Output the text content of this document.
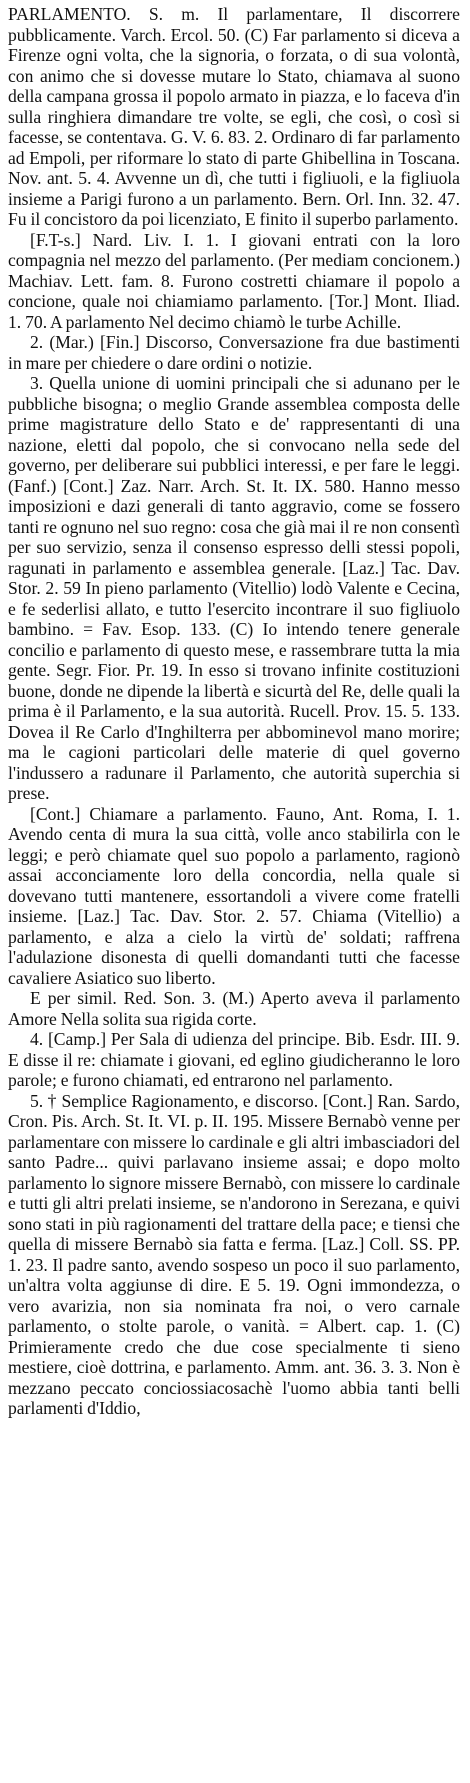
PARLAMENTO. S. m. Il parlamentare, Il discorrere pubblicamente. Varch. Ercol. 50. (C) Far parlamento si diceva a Firenze ogni volta, che la signoria, o forzata, o di sua volontà, con animo che si dovesse mutare lo Stato, chiamava al suono della campana grossa il popolo armato in piazza, e lo faceva d'in sulla ringhiera dimandare tre volte, se egli, che così, o così si facesse, se contentava. G. V. 6. 83. 2. Ordinaro di far parlamento ad Empoli, per riformare lo stato di parte Ghibellina in Toscana. Nov. ant. 5. 4. Avvenne un dì, che tutti i figliuoli, e la figliuola insieme a Parigi furono a un parlamento. Bern. Orl. Inn. 32. 47. Fu il concistoro da poi licenziato, E finito il superbo parlamento.

[F.T-s.] Nard. Liv. I. 1. I giovani entrati con la loro compagnia nel mezzo del parlamento. (Per mediam concionem.) Machiav. Lett. fam. 8. Furono costretti chiamare il popolo a concione, quale noi chiamiamo parlamento. [Tor.] Mont. Iliad. 1. 70. A parlamento Nel decimo chiamò le turbe Achille.

2. (Mar.) [Fin.] Discorso, Conversazione fra due bastimenti in mare per chiedere o dare ordini o notizie.

3. Quella unione di uomini principali che si adunano per le pubbliche bisogna; o meglio Grande assemblea composta delle prime magistrature dello Stato e de' rappresentanti di una nazione, eletti dal popolo, che si convocano nella sede del governo, per deliberare sui pubblici interessi, e per fare le leggi. (Fanf.) [Cont.] Zaz. Narr. Arch. St. It. IX. 580. Hanno messo imposizioni e dazi generali di tanto aggravio, come se fossero tanti re ognuno nel suo regno: cosa che già mai il re non consentì per suo servizio, senza il consenso espresso delli stessi popoli, ragunati in parlamento e assemblea generale. [Laz.] Tac. Dav. Stor. 2. 59 In pieno parlamento (Vitellio) lodò Valente e Cecina, e fe sederlisi allato, e tutto l'esercito incontrare il suo figliuolo bambino. = Fav. Esop. 133. (C) Io intendo tenere generale concilio e parlamento di questo mese, e rassembrare tutta la mia gente. Segr. Fior. Pr. 19. In esso si trovano infinite costituzioni buone, donde ne dipende la libertà e sicurtà del Re, delle quali la prima è il Parlamento, e la sua autorità. Rucell. Prov. 15. 5. 133. Dovea il Re Carlo d'Inghilterra per abbominevol mano morire; ma le cagioni particolari delle materie di quel governo l'indussero a radunare il Parlamento, che autorità superchia si prese.

[Cont.] Chiamare a parlamento. Fauno, Ant. Roma, I. 1. Avendo centa di mura la sua città, volle anco stabilirla con le leggi; e però chiamate quel suo popolo a parlamento, ragionò assai acconciamente loro della concordia, nella quale si dovevano tutti mantenere, essortandoli a vivere come fratelli insieme. [Laz.] Tac. Dav. Stor. 2. 57. Chiama (Vitellio) a parlamento, e alza a cielo la virtù de' soldati; raffrena l'adulazione disonesta di quelli domandanti tutti che facesse cavaliere Asiatico suo liberto.

E per simil. Red. Son. 3. (M.) Aperto aveva il parlamento Amore Nella solita sua rigida corte.

4. [Camp.] Per Sala di udienza del principe. Bib. Esdr. III. 9. E disse il re: chiamate i giovani, ed eglino giudicheranno le loro parole; e furono chiamati, ed entrarono nel parlamento.

5. † Semplice Ragionamento, e discorso. [Cont.] Ran. Sardo, Cron. Pis. Arch. St. It. VI. p. II. 195. Missere Bernabò venne per parlamentare con missere lo cardinale e gli altri imbasciadori del santo Padre... quivi parlavano insieme assai; e dopo molto parlamento lo signore missere Bernabò, con missere lo cardinale e tutti gli altri prelati insieme, se n'andorono in Serezana, e quivi sono stati in più ragionamenti del trattare della pace; e tiensi che quella di missere Bernabò sia fatta e ferma. [Laz.] Coll. SS. PP. 1. 23. Il padre santo, avendo sospeso un poco il suo parlamento, un'altra volta aggiunse di dire. E 5. 19. Ogni immondezza, o vero avarizia, non sia nominata fra noi, o vero carnale parlamento, o stolte parole, o vanità. = Albert. cap. 1. (C) Primieramente credo che due cose specialmente ti sieno mestiere, cioè dottrina, e parlamento. Amm. ant. 36. 3. 3. Non è mezzano peccato conciossiacosachè l'uomo abbia tanti belli parlamenti d'Iddio,
